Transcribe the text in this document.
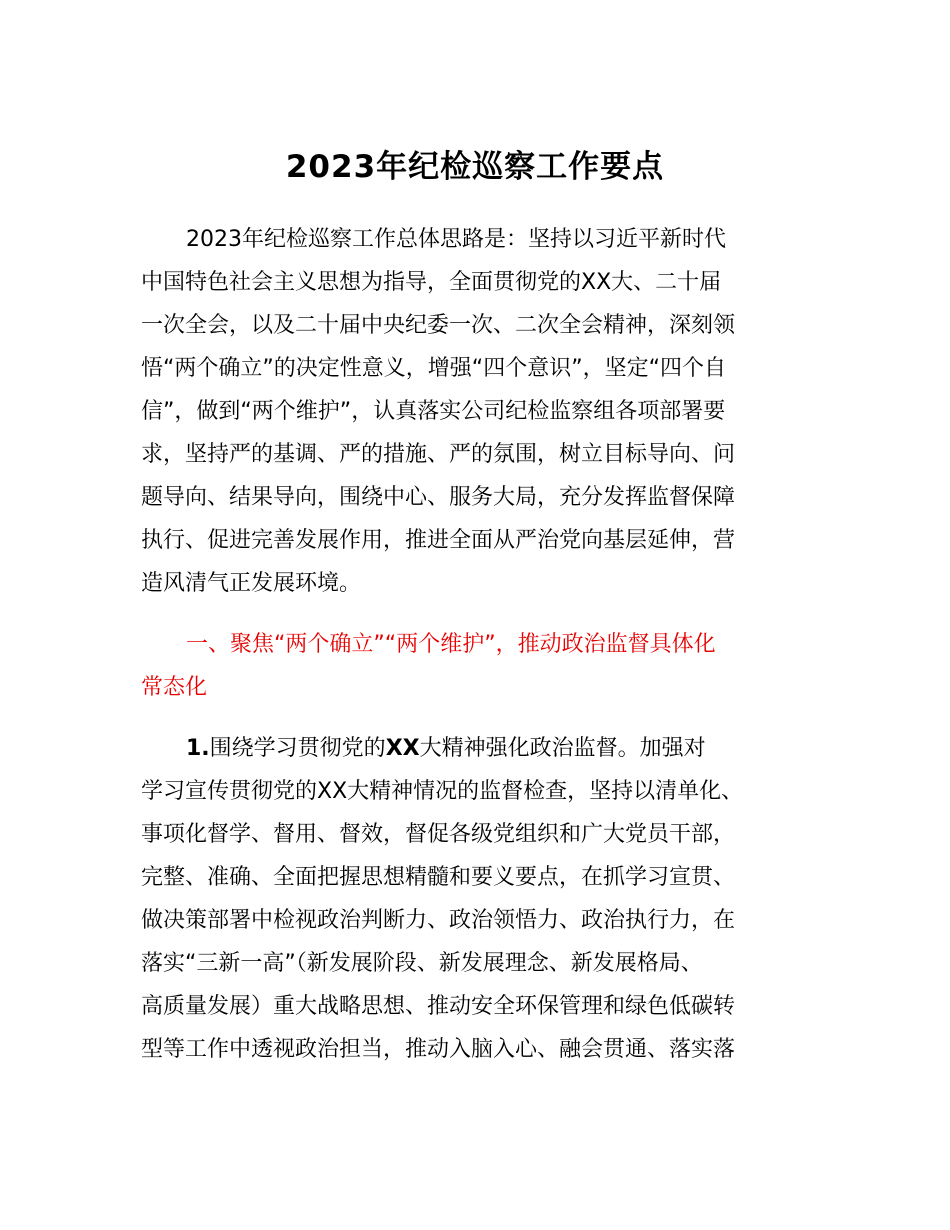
2023年纪检巡察工作要点
2023年纪检巡察工作总体思路是：坚持以习近平新时代
中国特色社会主义思想为指导，全面贯彻党的XX大、二十届
一次全会，以及二十届中央纪委一次、二次全会精神，深刻领
悟“两个确立”的决定性意义，增强“四个意识”，坚定“四个自
信”，做到“两个维护”，认真落实公司纪检监察组各项部署要
求，坚持严的基调、严的措施、严的氛围，树立目标导向、问
题导向、结果导向，围绕中心、服务大局，充分发挥监督保障
执行、促进完善发展作用，推进全面从严治党向基层延伸，营
造风清气正发展环境。
一、聚焦“两个确立”“两个维护”，推动政治监督具体化
常态化
1.围绕学习贯彻党的XX大精神强化政治监督。加强对
学习宣传贯彻党的XX大精神情况的监督检查，坚持以清单化、
事项化督学、督用、督效，督促各级党组织和广大党员干部，
完整、准确、全面把握思想精髓和要义要点，在抓学习宣贯、
做决策部署中检视政治判断力、政治领悟力、政治执行力，在
落实“三新一高”（新发展阶段、新发展理念、新发展格局、
高质量发展）重大战略思想、推动安全环保管理和绿色低碳转
型等工作中透视政治担当，推动入脑入心、融会贯通、落实落
